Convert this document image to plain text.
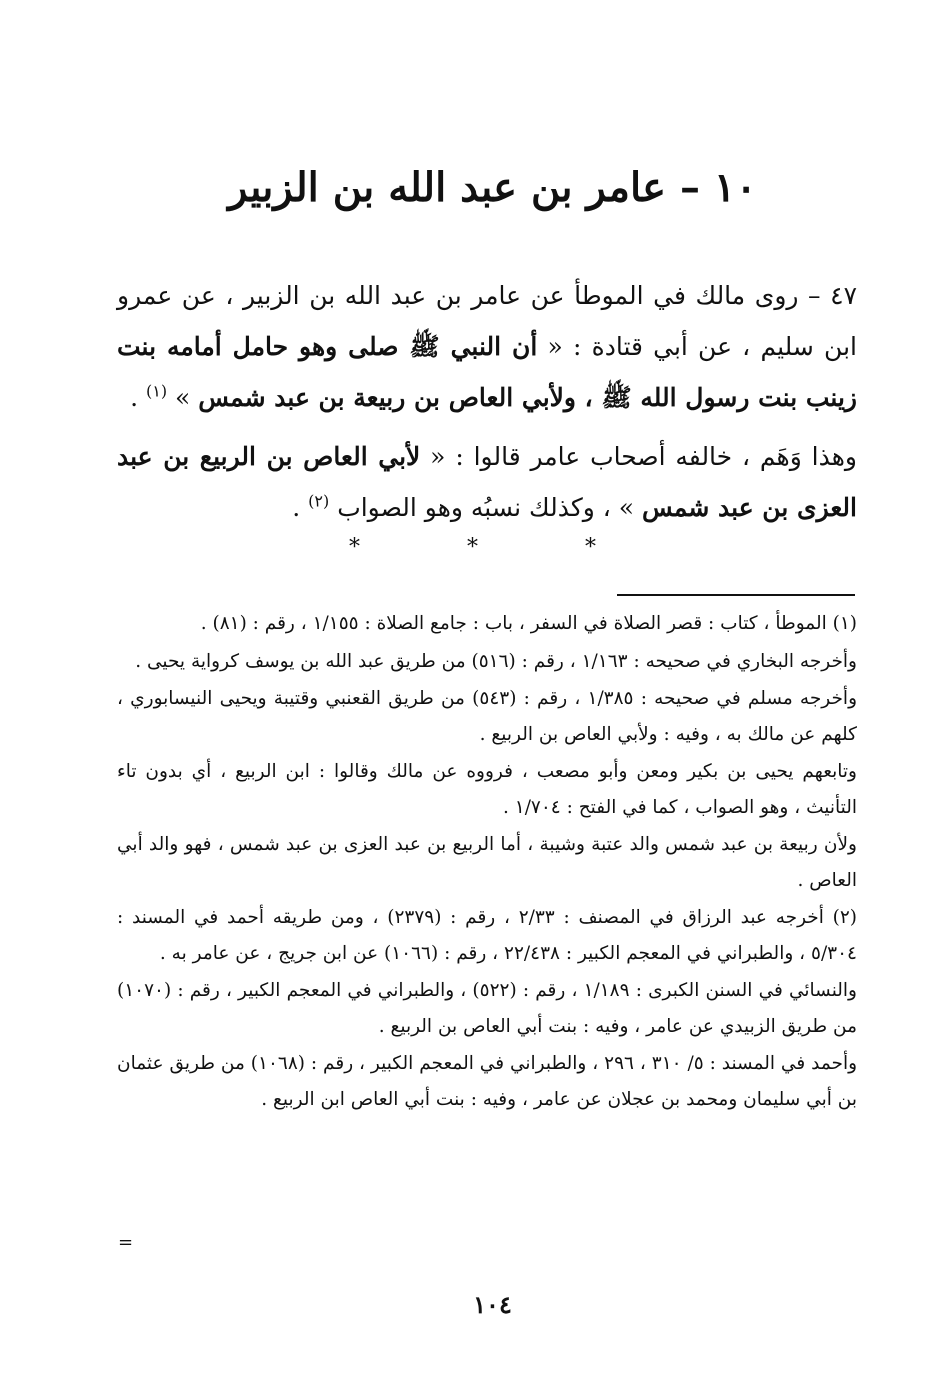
١٠ – عامر بن عبد الله بن الزبير

٤٧ – روى مالك في الموطأ عن عامر بن عبد الله بن الزبير ، عن عمرو ابن سليم ، عن أبي قتادة : « أن النبي ﷺ صلى وهو حامل أمامه بنت زينب بنت رسول الله ﷺ ، ولأبي العاص بن ربيعة بن عبد شمس » $^{(١)}$ .

وهذا وَهَم ، خالفه أصحاب عامر قالوا : « لأبي العاص بن الربيع بن عبد العزى بن عبد شمس » ، وكذلك نسبُه وهو الصواب $^{(٢)}$ .

* * *

(١) الموطأ ، كتاب : قصر الصلاة في السفر ، باب : جامع الصلاة : ١/١٥٥ ، رقم : (٨١) .

وأخرجه البخاري في صحيحه : ١/١٦٣ ، رقم : (٥١٦) من طريق عبد الله بن يوسف كرواية يحيى .

وأخرجه مسلم في صحيحه : ١/٣٨٥ ، رقم : (٥٤٣) من طريق القعنبي وقتيبة ويحيى النيسابوري ، كلهم عن مالك به ، وفيه : ولأبي العاص بن الربيع .

وتابعهم يحيى بن بكير ومعن وأبو مصعب ، فرووه عن مالك وقالوا : ابن الربيع ، أي بدون تاء التأنيث ، وهو الصواب ، كما في الفتح : ١/٧٠٤ .

ولأن ربيعة بن عبد شمس والد عتبة وشيبة ، أما الربيع بن عبد العزى بن عبد شمس ، فهو والد أبي العاص .

(٢) أخرجه عبد الرزاق في المصنف : ٢/٣٣ ، رقم : (٢٣٧٩) ، ومن طريقه أحمد في المسند : ٥/٣٠٤ ، والطبراني في المعجم الكبير : ٢٢/٤٣٨ ، رقم : (١٠٦٦) عن ابن جريج ، عن عامر به .

والنسائي في السنن الكبرى : ١/١٨٩ ، رقم : (٥٢٢) ، والطبراني في المعجم الكبير ، رقم : (١٠٧٠) من طريق الزبيدي عن عامر ، وفيه : بنت أبي العاص بن الربيع .

وأحمد في المسند : ٥/ ٣١٠ ، ٢٩٦ ، والطبراني في المعجم الكبير ، رقم : (١٠٦٨) من طريق عثمان بن أبي سليمان ومحمد بن عجلان عن عامر ، وفيه : بنت أبي العاص ابن الربيع .

=
١٠٤
